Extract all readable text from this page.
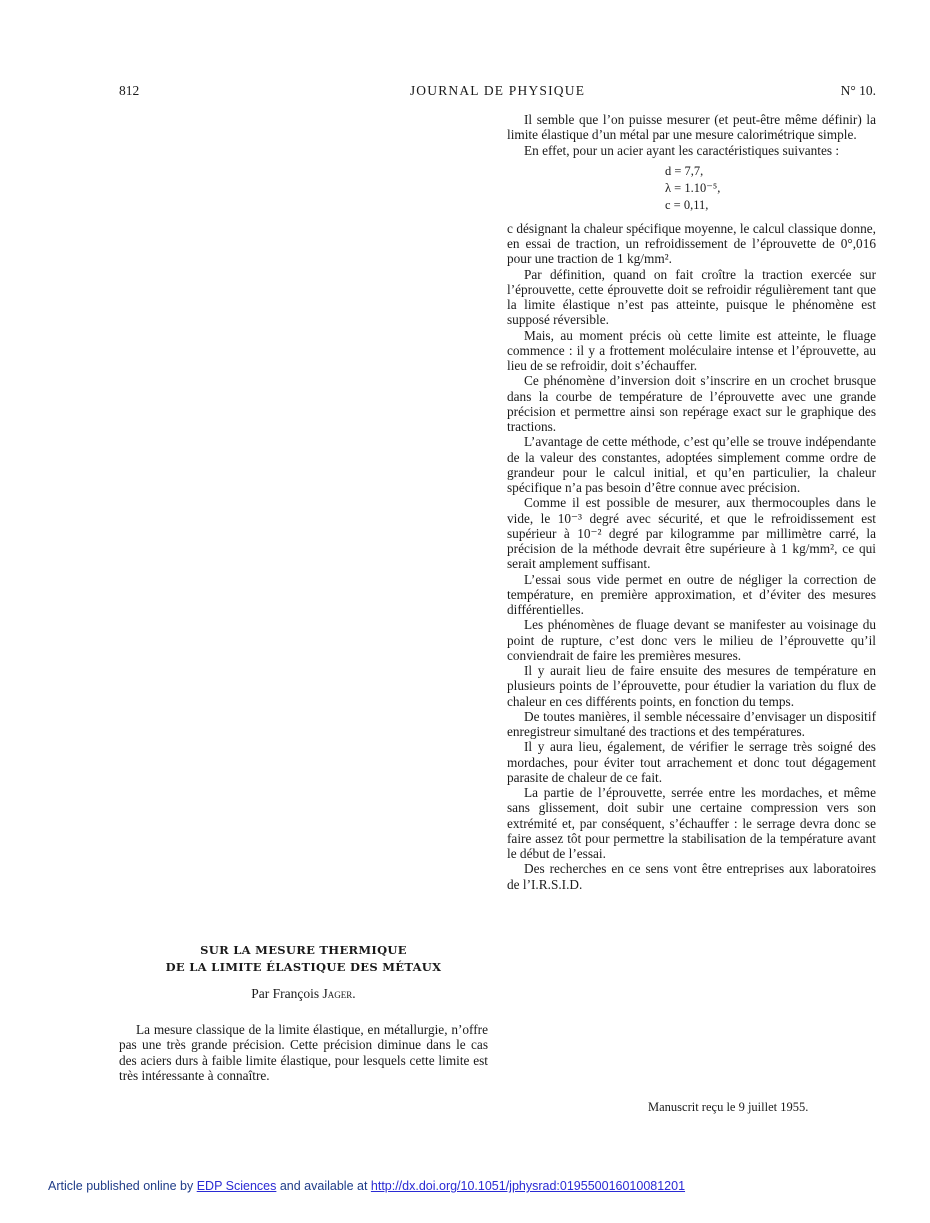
812	JOURNAL DE PHYSIQUE	N° 10.

Il semble que l’on puisse mesurer (et peut-être même définir) la limite élastique d’un métal par une mesure calorimétrique simple.

En effet, pour un acier ayant les caractéristiques suivantes :

d = 7,7,
λ = 1.10⁻⁵,
c = 0,11,

c désignant la chaleur spécifique moyenne, le calcul classique donne, en essai de traction, un refroidissement de l’éprouvette de 0°,016 pour une traction de 1 kg/mm².

Par définition, quand on fait croître la traction exercée sur l’éprouvette, cette éprouvette doit se refroidir régulièrement tant que la limite élastique n’est pas atteinte, puisque le phénomène est supposé réversible.

Mais, au moment précis où cette limite est atteinte, le fluage commence : il y a frottement moléculaire intense et l’éprouvette, au lieu de se refroidir, doit s’échauffer.

Ce phénomène d’inversion doit s’inscrire en un crochet brusque dans la courbe de température de l’éprouvette avec une grande précision et permettre ainsi son repérage exact sur le graphique des tractions.

L’avantage de cette méthode, c’est qu’elle se trouve indépendante de la valeur des constantes, adoptées simplement comme ordre de grandeur pour le calcul initial, et qu’en particulier, la chaleur spécifique n’a pas besoin d’être connue avec précision.

Comme il est possible de mesurer, aux thermocouples dans le vide, le 10⁻³ degré avec sécurité, et que le refroidissement est supérieur à 10⁻² degré par kilogramme par millimètre carré, la précision de la méthode devrait être supérieure à 1 kg/mm², ce qui serait amplement suffisant.

L’essai sous vide permet en outre de négliger la correction de température, en première approximation, et d’éviter des mesures différentielles.

Les phénomènes de fluage devant se manifester au voisinage du point de rupture, c’est donc vers le milieu de l’éprouvette qu’il conviendrait de faire les premières mesures.

Il y aurait lieu de faire ensuite des mesures de température en plusieurs points de l’éprouvette, pour étudier la variation du flux de chaleur en ces différents points, en fonction du temps.

De toutes manières, il semble nécessaire d’envisager un dispositif enregistreur simultané des tractions et des températures.

Il y aura lieu, également, de vérifier le serrage très soigné des mordaches, pour éviter tout arrachement et donc tout dégagement parasite de chaleur de ce fait.

La partie de l’éprouvette, serrée entre les mordaches, et même sans glissement, doit subir une certaine compression vers son extrémité et, par conséquent, s’échauffer : le serrage devra donc se faire assez tôt pour permettre la stabilisation de la température avant le début de l’essai.

Des recherches en ce sens vont être entreprises aux laboratoires de l’I.R.S.I.D.

SUR LA MESURE THERMIQUE
DE LA LIMITE ÉLASTIQUE DES MÉTAUX
Par François Jager.
La mesure classique de la limite élastique, en métallurgie, n’offre pas une très grande précision. Cette précision diminue dans le cas des aciers durs à faible limite élastique, pour lesquels cette limite est très intéressante à connaître.
Manuscrit reçu le 9 juillet 1955.
Article published online by EDP Sciences and available at http://dx.doi.org/10.1051/jphysrad:019550016010081201
